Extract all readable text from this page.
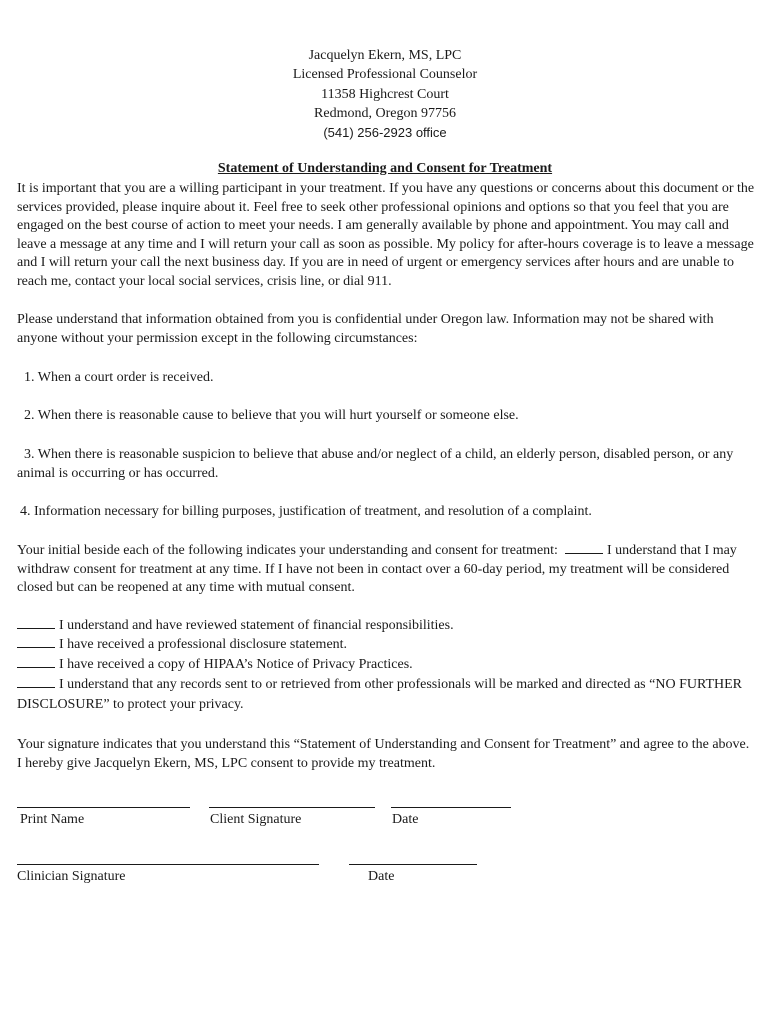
Jacquelyn Ekern, MS, LPC
Licensed Professional Counselor
11358 Highcrest Court
Redmond, Oregon 97756
(541) 256-2923 office
Statement of Understanding and Consent for Treatment

It is important that you are a willing participant in your treatment. If you have any questions or concerns about this document or the services provided, please inquire about it. Feel free to seek other professional opinions and options so that you feel that you are engaged on the best course of action to meet your needs. I am generally available by phone and appointment. You may call and leave a message at any time and I will return your call as soon as possible. My policy for after-hours coverage is to leave a message and I will return your call the next business day. If you are in need of urgent or emergency services after hours and are unable to reach me, contact your local social services, crisis line, or dial 911.

Please understand that information obtained from you is confidential under Oregon law. Information may not be shared with anyone without your permission except in the following circumstances:

1. When a court order is received.
2. When there is reasonable cause to believe that you will hurt yourself or someone else.
3. When there is reasonable suspicion to believe that abuse and/or neglect of a child, an elderly person, disabled person, or any animal is occurring or has occurred.
4. Information necessary for billing purposes, justification of treatment, and resolution of a complaint.

Your initial beside each of the following indicates your understanding and consent for treatment:	I understand that I may withdraw consent for treatment at any time. If I have not been in contact over a 60-day period, my treatment will be considered closed but can be reopened at any time with mutual consent.

I understand and have reviewed statement of financial responsibilities.
I have received a professional disclosure statement.
I have received a copy of HIPAA’s Notice of Privacy Practices.

I understand that any records sent to or retrieved from other professionals will be marked and directed as “NO FURTHER DISCLOSURE” to protect your privacy.

Your signature indicates that you understand this “Statement of Understanding and Consent for Treatment” and agree to the above. I hereby give Jacquelyn Ekern, MS, LPC consent to provide my treatment.

Print Name	Client Signature	Date
Clinician Signature	Date
